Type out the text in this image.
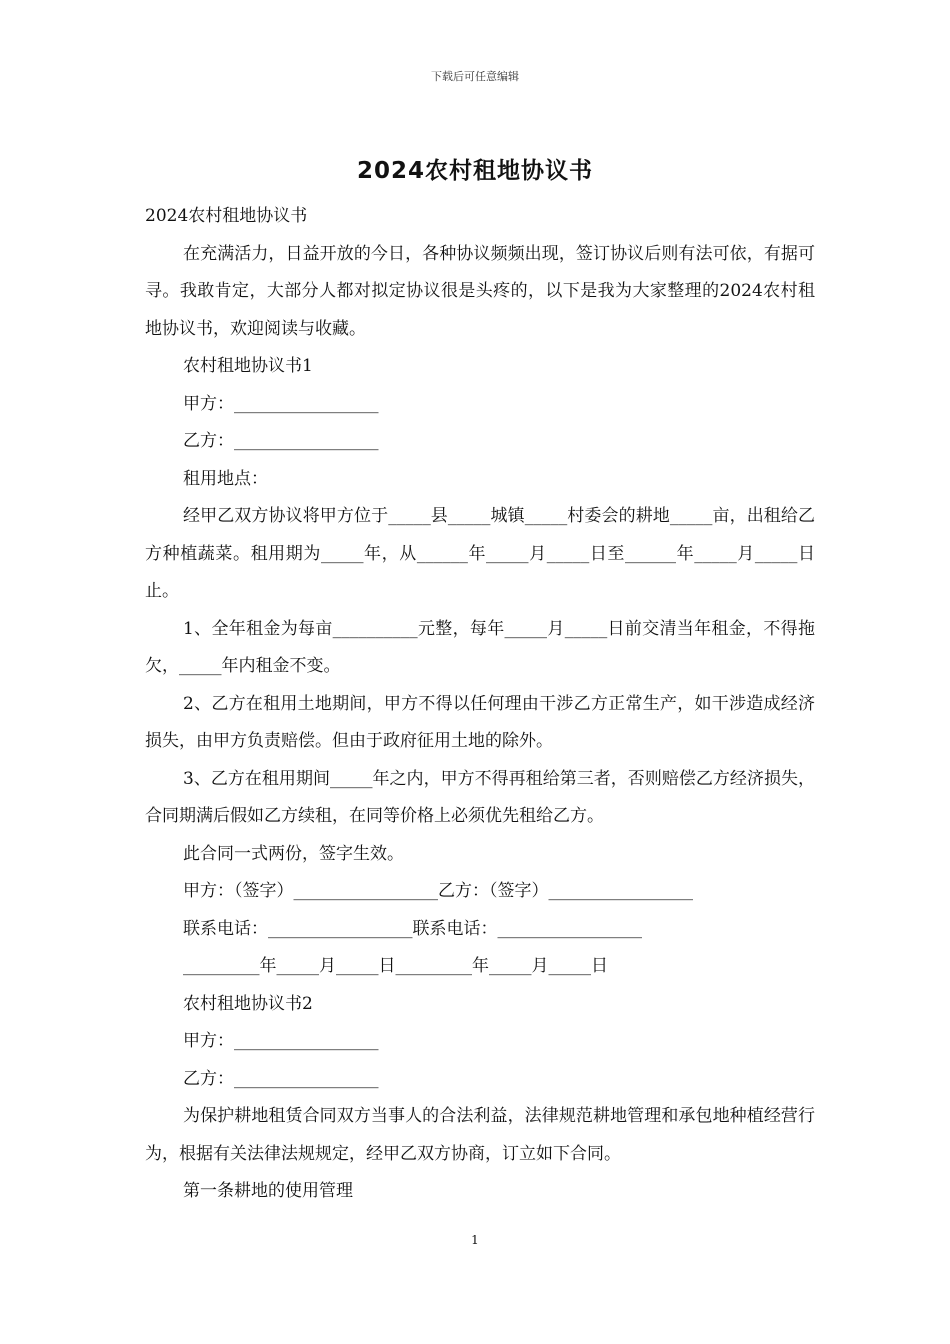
下载后可任意编辑
2024农村租地协议书

2024农村租地协议书

在充满活力，日益开放的今日，各种协议频频出现，签订协议后则有法可依，有据可寻。我敢肯定，大部分人都对拟定协议很是头疼的，以下是我为大家整理的2024农村租地协议书，欢迎阅读与收藏。

农村租地协议书1

甲方：_________________

乙方：_________________

租用地点：

经甲乙双方协议将甲方位于_____县_____城镇_____村委会的耕地_____亩，出租给乙方种植蔬菜。租用期为_____年，从______年_____月_____日至______年_____月_____日止。

1、全年租金为每亩__________元整，每年_____月_____日前交清当年租金，不得拖欠，_____年内租金不变。

2、乙方在租用土地期间，甲方不得以任何理由干涉乙方正常生产，如干涉造成经济损失，由甲方负责赔偿。但由于政府征用土地的除外。

3、乙方在租用期间_____年之内，甲方不得再租给第三者，否则赔偿乙方经济损失，合同期满后假如乙方续租，在同等价格上必须优先租给乙方。

此合同一式两份，签字生效。

甲方：（签字）_________________乙方：（签字）_________________

联系电话：_________________联系电话：_________________

_________年_____月_____日_________年_____月_____日

农村租地协议书2

甲方：_________________

乙方：_________________

为保护耕地租赁合同双方当事人的合法利益，法律规范耕地管理和承包地种植经营行为，根据有关法律法规规定，经甲乙双方协商，订立如下合同。

第一条耕地的使用管理

1
